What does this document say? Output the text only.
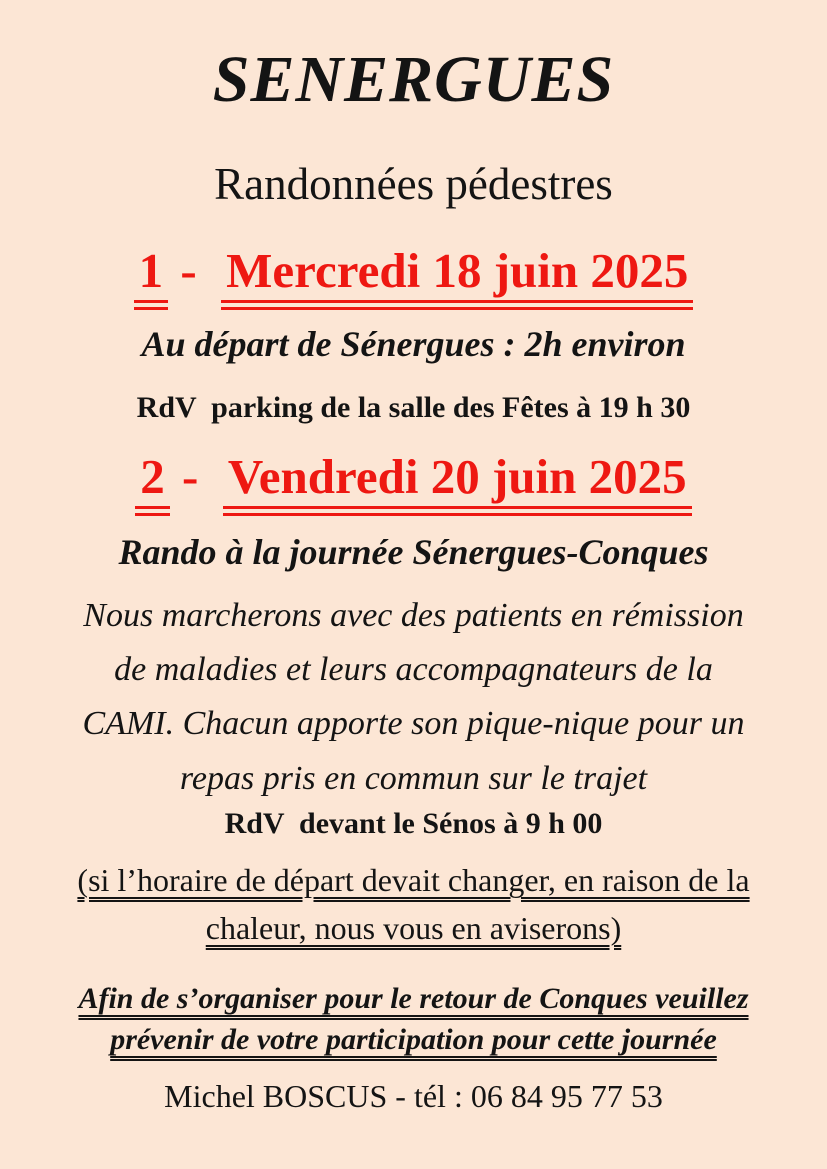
SENERGUES
Randonnées pédestres
1 -  Mercredi 18 juin 2025
Au départ de Sénergues : 2h environ
RdV  parking de la salle des Fêtes à 19 h 30
2 -  Vendredi 20 juin 2025
Rando à la journée Sénergues-Conques
Nous marcherons avec des patients en rémission
de maladies et leurs accompagnateurs de la
CAMI. Chacun apporte son pique-nique pour un
repas pris en commun sur le trajet
RdV  devant le Sénos à 9 h 00
(si l’horaire de départ devait changer, en raison de la
chaleur, nous vous en aviserons)
Afin de s’organiser pour le retour de Conques veuillez
prévenir de votre participation pour cette journée
Michel BOSCUS - tél : 06 84 95 77 53
